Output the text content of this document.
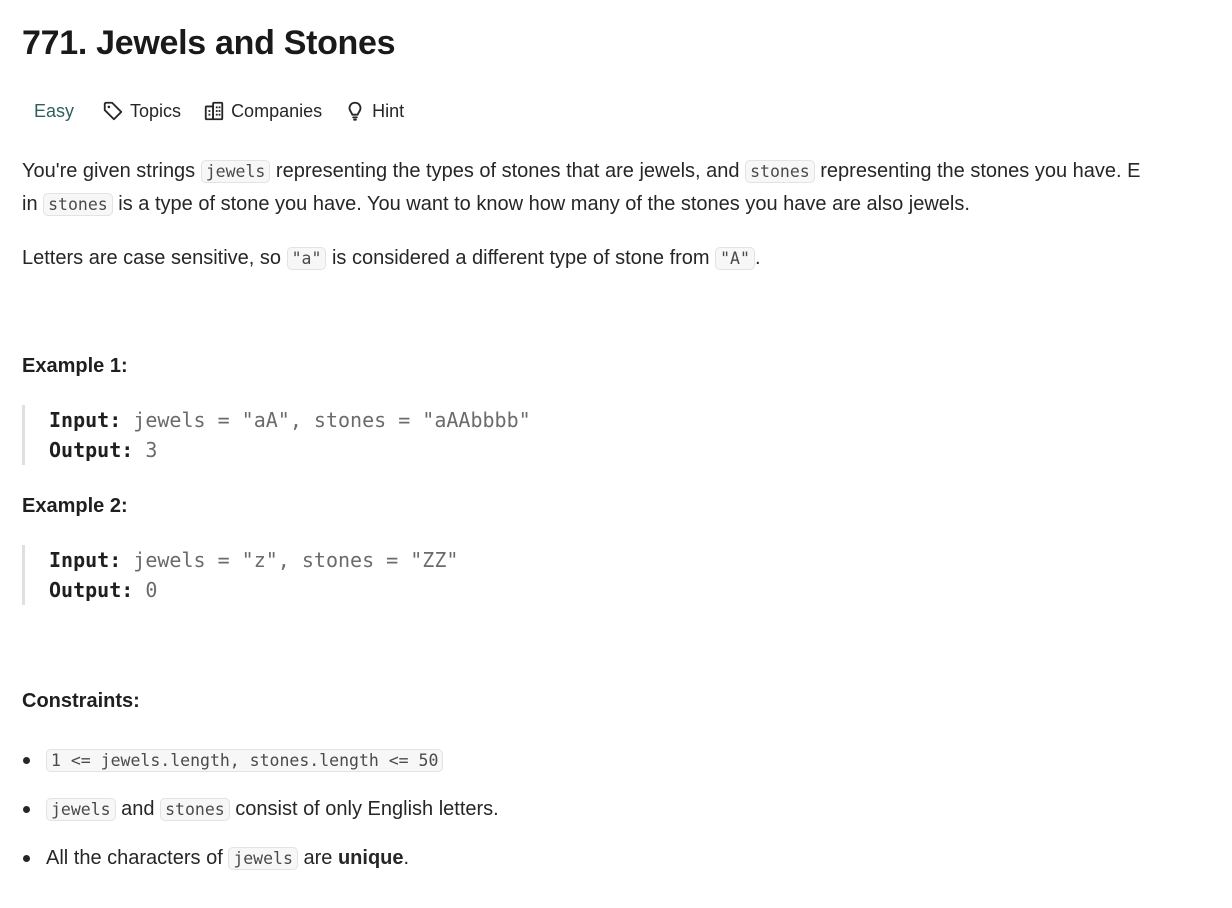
771. Jewels and Stones
Easy	Topics	Companies	Hint
You're given strings jewels representing the types of stones that are jewels, and stones representing the stones you have. E
in stones is a type of stone you have. You want to know how many of the stones you have are also jewels.

Letters are case sensitive, so "a" is considered a different type of stone from "A" .

Example 1:
Input: jewels = "aA", stones = "aAAbbbb"
Output: 3
Example 2:
Input: jewels = "z", stones = "ZZ"
Output: 0
Constraints:
1 <= jewels.length, stones.length <= 50
jewels and stones consist of only English letters.
All the characters of jewels are unique.
